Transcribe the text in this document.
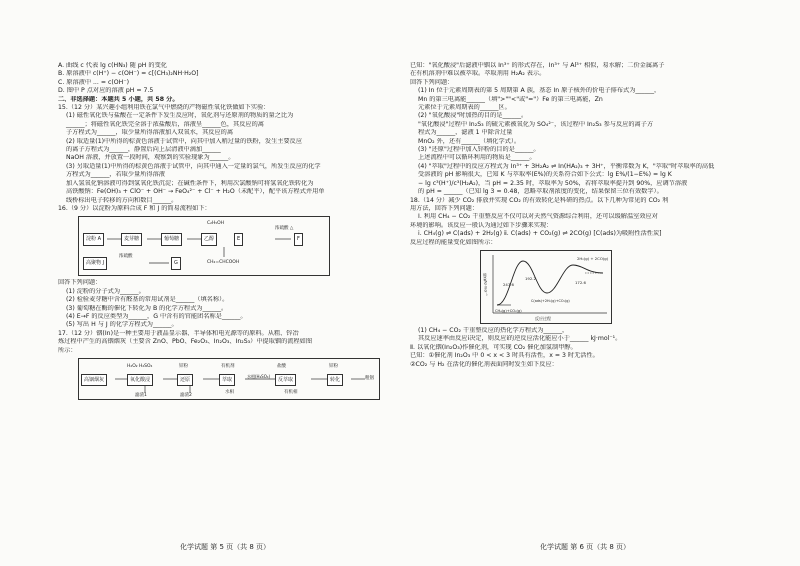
A. 曲线 c 代表 lg c(HN₃) 随 pH 的变化
B. 原溶液中 c(H⁺) − c(OH⁻) = c[(CH₃)₂NH·H₂O]
C. 原溶液中 ... = c(OH⁻)
D. 图中 P 点对应的溶液 pH = 7.5
二、非选择题：本题共 5 小题，共 58 分。
15.（12 分）某兴趣小组利用铁在氯气中燃烧的产物磁性氧化铁做如下实验：
(1) 磁性氧化铁与盐酸在一定条件下发生反应时，氧化剂与还原剂的物质的量之比为
______；将磁性氧化铁完全溶于浓盐酸后，溶液呈______色，其反应的离
子方程式为______，取少量所得溶液加入双氧水，其反应的离
(2) 取适量(1)中所得的棕黄色溶液于试管中，向其中加入稍过量的铁粉，发生主要反应
的离子方程式为______，静置后向上层清液中滴加______
NaOH 溶液，并放置一段时间，观察到的实验现象为______。
(3) 另取适量(1)中所得的棕黄色溶液于试管中，向其中通入一定量的氯气，所发生反应的化学
方程式为______，若取少量所得溶液
加入氢氧化钠溶液可得到氢氧化铁沉淀；在碱性条件下，利用次氯酸钠可将氢氧化铁转化为
高铁酸钠：Fe(OH)₃ + ClO⁻ + OH⁻ → FeO₄²⁻ + Cl⁻ + H₂O（未配平），配平该方程式并用单
线桥标出电子转移的方向和数目______。
16.（9 分）以淀粉为原料合成 F 和 J 的简易流程如下：
淀粉 A	麦芽糖	葡萄糖	乙醇	E	F
高聚物 J	G
浓硫酸 △
C₂H₅OH
CH₂=CHCOOH
浓硫酸
回答下列问题：
(1) 淀粉的分子式为______。
(2) 检验麦芽糖中含有醛基的常用试剂是______（填名称）。
(3) 葡萄糖在酶的催化下转化为 B 的化学方程式为______。
(4) E→F 的反应类型为______，G 中含有的官能团名称是______。
(5) 写出 H 与 J 的化学方程式为______。
17.（12 分）铟(In)是一种主要用于液晶显示器、半导体和电光源等的原料。从粗、锌冶
炼过程中产生的高铟烟灰（主要含 ZnO、PbO、Fe₂O₃、In₂O₃、In₂S₃）中提取铟的流程如图
所示：
高铟烟灰	氧化酸浸	还原	萃取	反萃取	转化	粗铟
H₂O₂ H₂SO₄	锌粉	有机剂	盐酸
水相(H₂SO₄)
锌粉
滤渣1	滤渣2
水相	有机相
化学试题 第 5 页（共 8 页）
已知："氧化酸浸"后滤液中铟以 In³⁺ 的形式存在，In³⁺ 与 Al³⁺ 相似，易水解；二价金属离子
在有机溶剂中难以被萃取。萃取剂用 H₂A₂ 表示。
回答下列问题：
(1) In 位于元素周期表的第 5 周期第 A 族，基态 In 原子核外的价电子排布式为______，
Mn 的第三电离能______（填">""<"或"="）Fe 的第三电离能，Zn
元素位于元素周期表的______区。
(2) "氧化酸浸"时加热的目的是______。
"氧化酸浸"过程中 In₂S₃ 的硫元素被氧化为 SO₄²⁻，该过程中 In₂S₃ 参与反应的离子方
程式为______，滤液 1 中除含过量
MnO₂ 外，还有______（填化学式）。
(3) "还原"过程中加入锌粉的目的是______。
上述流程中可以循环利用的物质是______。
(4) "萃取"过程中的反应方程式为 In³⁺ + 3H₂A₂ ⇌ In(HA₂)₃ + 3H⁺，平衡常数为 K，"萃取"时萃取率的高低
受溶液的 pH 影响很大，已知 K 与萃取率(E%)的关系符合如下公式：lg E%/(1−E%) = lg K
− lg c³(H⁺)/c³(H₂A₂)，当 pH = 2.35 时，萃取率为 50%，若将萃取率提升到 90%，应调节溶液
的 pH = ______（已知 lg 3 ≈ 0.48，忽略萃取剂浓度的变化，结果保留三位有效数字）。
18.（14 分）减少 CO₂ 排放并实现 CO₂ 的有效转化是科研的热点。以下几种为常见的 CO₂ 利
用方法，回答下列问题：
Ⅰ. 利用 CH₄ − CO₂ 干重整反应不仅可以对天然气资源综合利用，还可以缓解温室效应对
环境的影响。该反应一般认为通过如下步骤来实现：
ⅰ. CH₄(g) ⇌ C(ads) + 2H₂(g) ⅱ. C(ads) + CO₂(g) ⇌ 2CO(g) [C(ads)为吸附性活性炭]
反应过程的能量变化如图所示：
能量/kJ·mol⁻¹
反应过程
2H₂(g) + 2CO(g)
247.6
192.2
172.6
C(ads)+2H₂(g)+CO₂(g)
CH₄(g)+CO₂(g)
(1) CH₄ − CO₂ 干重整反应的热化学方程式为______，
其反应速率由反应ⅰ决定，则反应ⅰ的逆反应活化能应小于______ kJ·mol⁻¹。
Ⅱ. 以氧化铟(In₂O₃)作催化剂，可实现 CO₂ 催化加氢制甲醇。
已知：①催化剂 In₂O₃ 中 0 < x < 3 时具有活性，x = 3 时无活性。
②CO₂ 与 H₂ 在活化的催化剂表面同时发生如下反应：
化学试题 第 6 页（共 8 页）
